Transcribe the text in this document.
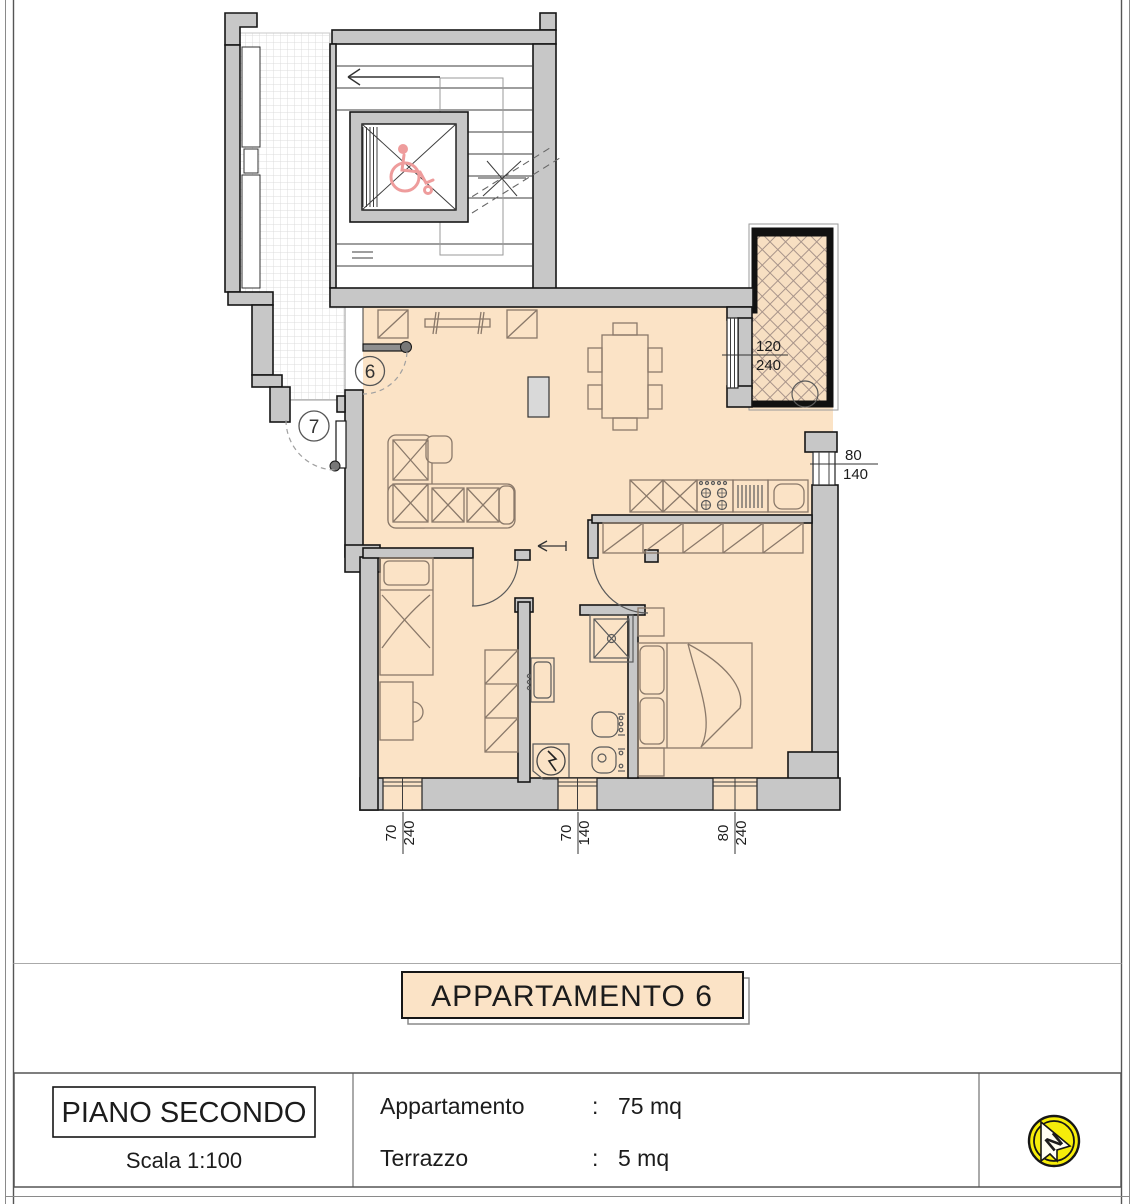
120
240
80
140
70 240	70 140	80 240
6
7
APPARTAMENTO 6
PIANO SECONDO
Scala 1:100
Appartamento	: 75 mq
Terrazzo	: 5 mq
N
